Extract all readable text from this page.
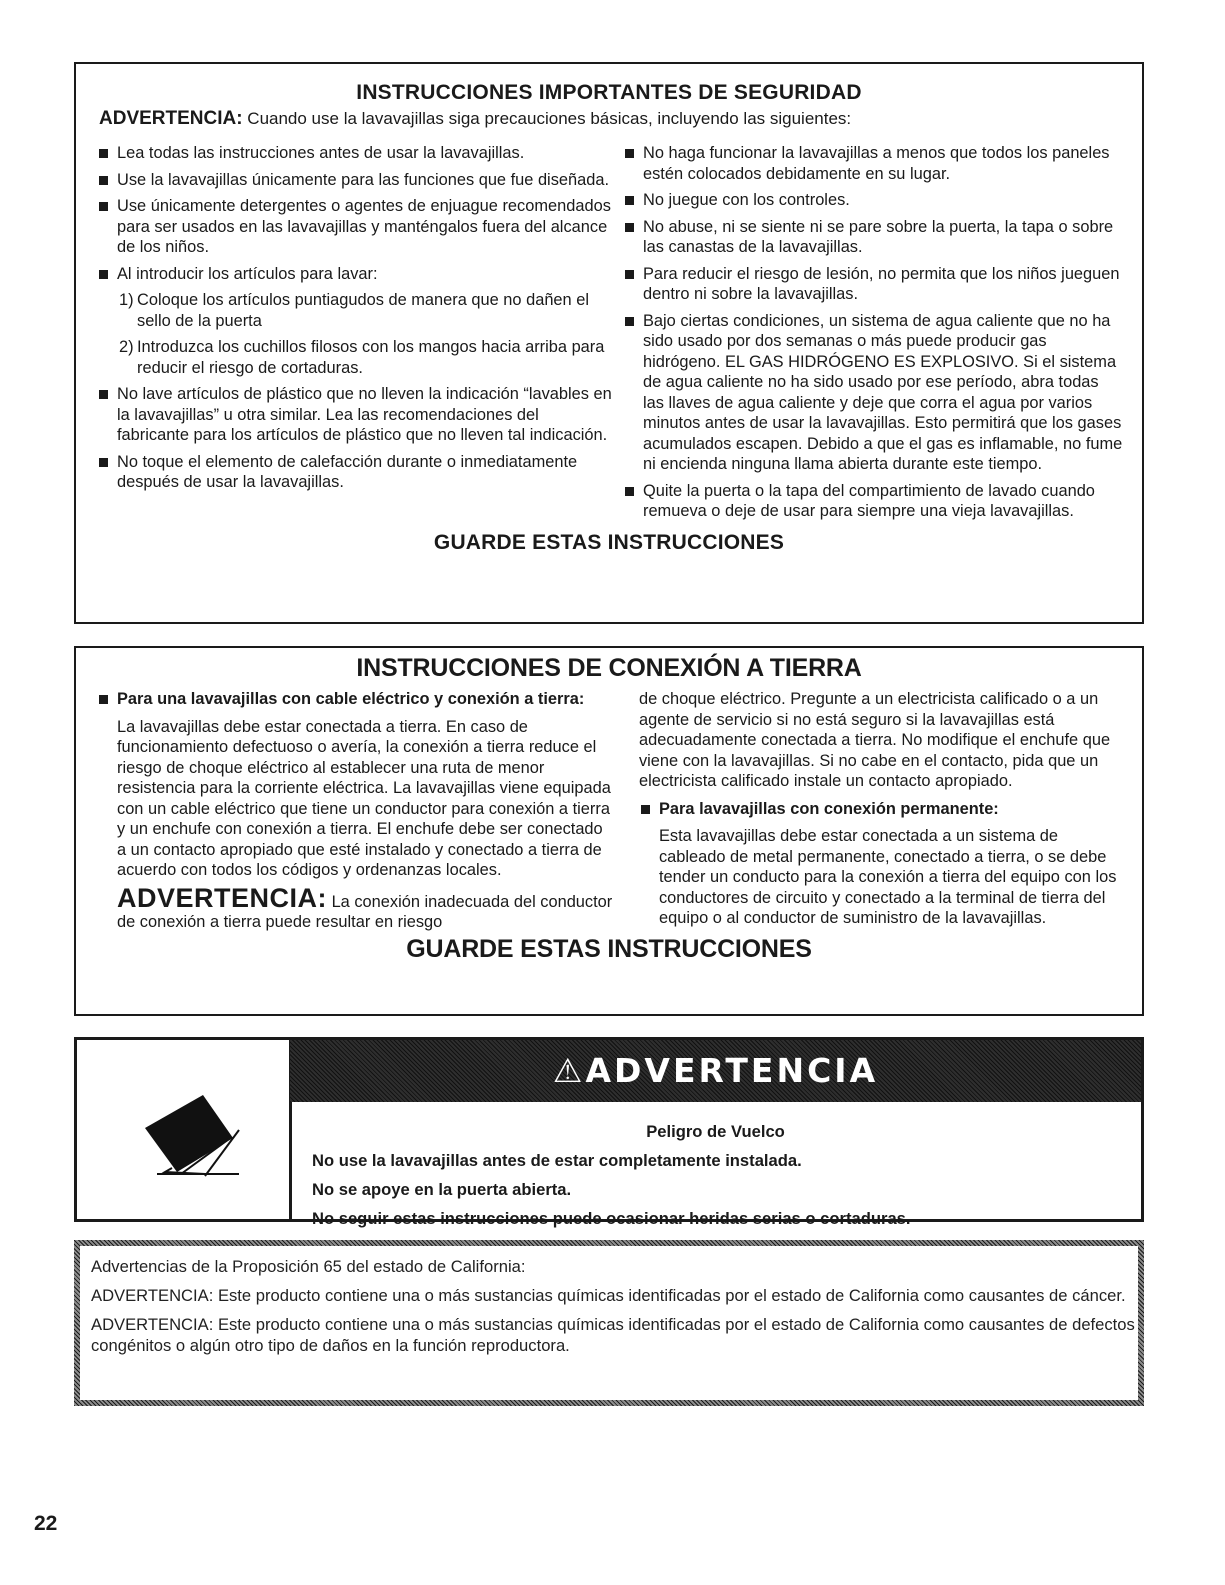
INSTRUCCIONES IMPORTANTES DE SEGURIDAD
ADVERTENCIA: Cuando use la lavavajillas siga precauciones básicas, incluyendo las siguientes:
Lea todas las instrucciones antes de usar la lavavajillas.
Use la lavavajillas únicamente para las funciones que fue diseñada.
Use únicamente detergentes o agentes de enjuague recomendados para ser usados en las lavavajillas y manténgalos fuera del alcance de los niños.
Al introducir los artículos para lavar:
1) Coloque los artículos puntiagudos de manera que no dañen el sello de la puerta
2) Introduzca los cuchillos filosos con los mangos hacia arriba para reducir el riesgo de cortaduras.
No lave artículos de plástico que no lleven la indicación “lavables en la lavavajillas” u otra similar. Lea las recomendaciones del fabricante para los artículos de plástico que no lleven tal indicación.
No toque el elemento de calefacción durante o inmediatamente después de usar la lavavajillas.
No haga funcionar la lavavajillas a menos que todos los paneles estén colocados debidamente en su lugar.
No juegue con los controles.
No abuse, ni se siente ni se pare sobre la puerta, la tapa o sobre las canastas de la lavavajillas.
Para reducir el riesgo de lesión, no permita que los niños jueguen dentro ni sobre la lavavajillas.
Bajo ciertas condiciones, un sistema de agua caliente que no ha sido usado por dos semanas o más puede producir gas hidrógeno. EL GAS HIDRÓGENO ES EXPLOSIVO. Si el sistema de agua caliente no ha sido usado por ese período, abra todas las llaves de agua caliente y deje que corra el agua por varios minutos antes de usar la lavavajillas. Esto permitirá que los gases acumulados escapen. Debido a que el gas es inflamable, no fume ni encienda ninguna llama abierta durante este tiempo.
Quite la puerta o la tapa del compartimiento de lavado cuando remueva o deje de usar para siempre una vieja lavavajillas.
GUARDE ESTAS INSTRUCCIONES
INSTRUCCIONES DE CONEXIÓN A TIERRA
Para una lavavajillas con cable eléctrico y conexión a tierra:
La lavavajillas debe estar conectada a tierra. En caso de funcionamiento defectuoso o avería, la conexión a tierra reduce el riesgo de choque eléctrico al establecer una ruta de menor resistencia para la corriente eléctrica. La lavavajillas viene equipada con un cable eléctrico que tiene un conductor para conexión a tierra y un enchufe con conexión a tierra. El enchufe debe ser conectado a un contacto apropiado que esté instalado y conectado a tierra de acuerdo con todos los códigos y ordenanzas locales.
ADVERTENCIA: La conexión inadecuada del conductor de conexión a tierra puede resultar en riesgo
de choque eléctrico. Pregunte a un electricista calificado o a un agente de servicio si no está seguro si la lavavajillas está adecuadamente conectada a tierra. No modifique el enchufe que viene con la lavavajillas. Si no cabe en el contacto, pida que un electricista calificado instale un contacto apropiado.
Para lavavajillas con conexión permanente:
Esta lavavajillas debe estar conectada a un sistema de cableado de metal permanente, conectado a tierra, o se debe tender un conducto para la conexión a tierra del equipo con los conductores de circuito y conectado a la terminal de tierra del equipo o al conductor de suministro de la lavavajillas.
GUARDE ESTAS INSTRUCCIONES
⚠ADVERTENCIA
Peligro de Vuelco
No use la lavavajillas antes de estar completamente instalada.
No se apoye en la puerta abierta.
No seguir estas instrucciones puede ocasionar heridas serias o cortaduras.
Advertencias de la Proposición 65 del estado de California:
ADVERTENCIA: Este producto contiene una o más sustancias químicas identificadas por el estado de California como causantes de cáncer.
ADVERTENCIA: Este producto contiene una o más sustancias químicas identificadas por el estado de California como causantes de defectos congénitos o algún otro tipo de daños en la función reproductora.
22
